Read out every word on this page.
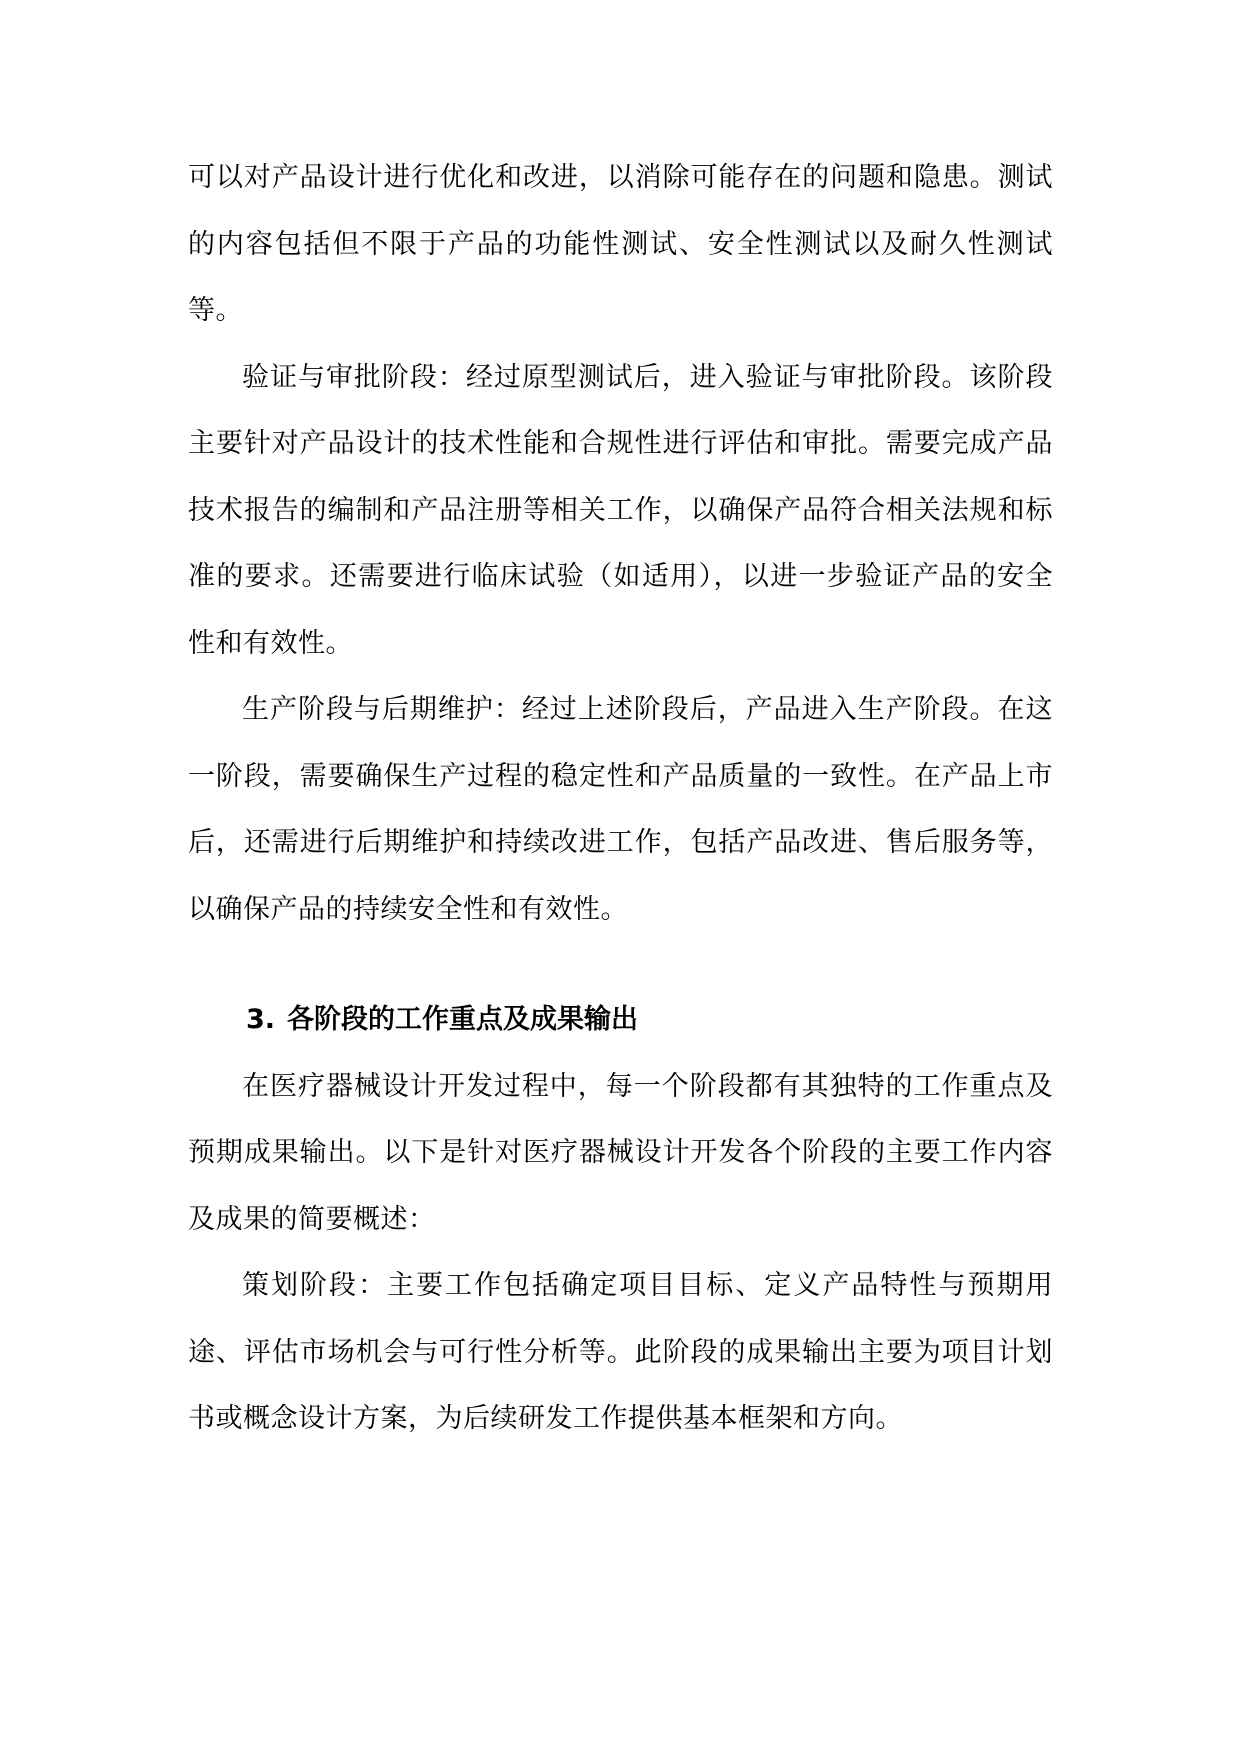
可以对产品设计进行优化和改进，以消除可能存在的问题和隐患。测试的内容包括但不限于产品的功能性测试、安全性测试以及耐久性测试等。

验证与审批阶段：经过原型测试后，进入验证与审批阶段。该阶段主要针对产品设计的技术性能和合规性进行评估和审批。需要完成产品技术报告的编制和产品注册等相关工作，以确保产品符合相关法规和标准的要求。还需要进行临床试验（如适用），以进一步验证产品的安全性和有效性。

生产阶段与后期维护：经过上述阶段后，产品进入生产阶段。在这一阶段，需要确保生产过程的稳定性和产品质量的一致性。在产品上市后，还需进行后期维护和持续改进工作，包括产品改进、售后服务等，以确保产品的持续安全性和有效性。

3. 各阶段的工作重点及成果输出

在医疗器械设计开发过程中，每一个阶段都有其独特的工作重点及预期成果输出。以下是针对医疗器械设计开发各个阶段的主要工作内容及成果的简要概述：

策划阶段：主要工作包括确定项目目标、定义产品特性与预期用途、评估市场机会与可行性分析等。此阶段的成果输出主要为项目计划书或概念设计方案，为后续研发工作提供基本框架和方向。
